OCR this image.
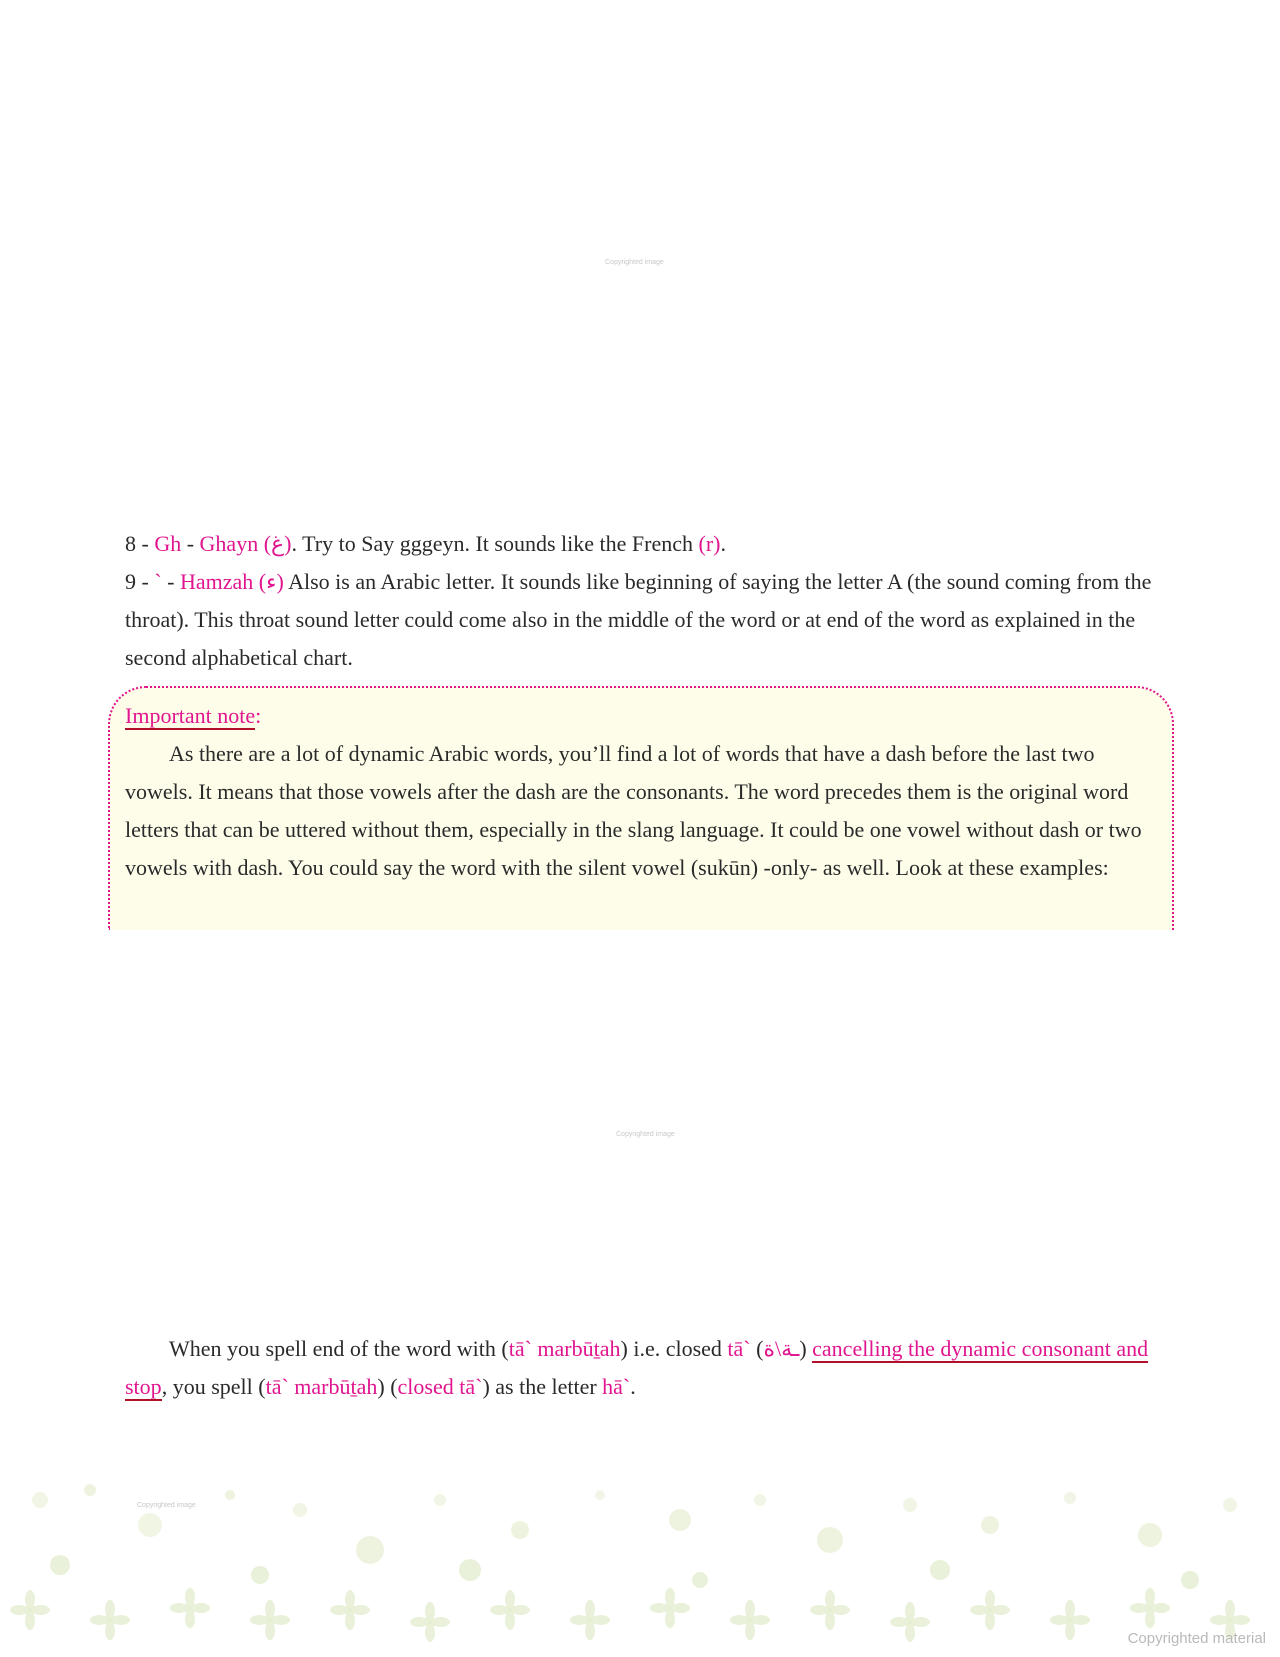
Copyrighted image
Copyrighted image
Copyrighted image
8 - Gh - Ghayn (غ). Try to Say gggeyn. It sounds like the French (r).
9 - ` - Hamzah (ء) Also is an Arabic letter. It sounds like beginning of saying the letter A (the sound coming from the throat). This throat sound letter could come also in the middle of the word or at end of the word as explained in the second alphabetical chart.
Important note:
As there are a lot of dynamic Arabic words, you’ll find a lot of words that have a dash before the last two vowels. It means that those vowels after the dash are the consonants. The word precedes them is the original word letters that can be uttered without them, especially in the slang language. It could be one vowel without dash or two vowels with dash. You could say the word with the silent vowel (sukūn) -only- as well. Look at these examples:
When you spell end of the word with (tā` marbūṯah) i.e. closed tā` (ـة\ة) cancelling the dynamic consonant and stop, you spell (tā` marbūṯah) (closed tā`) as the letter hā`.
Copyrighted material
